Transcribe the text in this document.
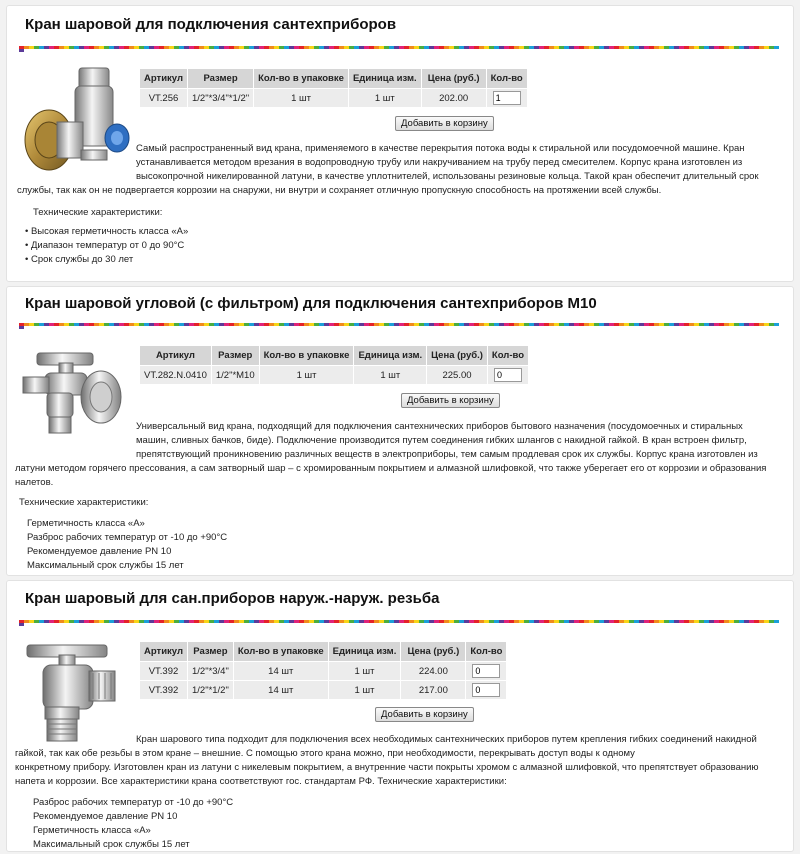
Кран шаровой для подключения сантехприборов
Артикул	Размер	Кол-во в упаковке	Единица изм.	Цена (руб.)	Кол-во
VT.256	1/2"*3/4"*1/2"	1 шт	1 шт	202.00	1
Добавить в корзину
Самый распространенный вид крана, применяемого в качестве перекрытия потока воды к стиральной или посудомоечной машине. Кран
устанавливается методом врезания в водопроводную трубу или накручиванием на трубу перед смесителем. Корпус крана изготовлен из
высокопрочной никелированной латуни, в качестве уплотнителей, использованы резиновые кольца. Такой кран обеспечит длительный срок
службы, так как он не подвергается коррозии на снаружи, ни внутри и сохраняет отличную пропускную способность на протяжении всей службы.
Технические характеристики:
• Высокая герметичность класса «А»
• Диапазон температур от 0 до 90°С
• Срок службы до 30 лет
Кран шаровой угловой (с фильтром) для подключения сантехприборов М10
Артикул	Размер	Кол-во в упаковке	Единица изм.	Цена (руб.)	Кол-во
VT.282.N.0410	1/2"*М10	1 шт	1 шт	225.00	0
Добавить в корзину
Универсальный вид крана, подходящий для подключения сантехнических приборов бытового назначения (посудомоечных и стиральных
машин, сливных бачков, биде). Подключение производится путем соединения гибких шлангов с накидной гайкой. В кран встроен фильтр,
препятствующий проникновению различных веществ в электроприборы, тем самым продлевая срок их службы. Корпус крана изготовлен из
латуни методом горячего прессования, а сам затворный шар – с хромированным покрытием и алмазной шлифовкой, что также уберегает его от коррозии и образования
налетов.
Технические характеристики:
Герметичность класса «А»
Разброс рабочих температур от -10 до +90°С
Рекомендуемое давление PN 10
Максимальный срок службы 15 лет
Кран шаровый для сан.приборов наруж.-наруж. резьба
Артикул	Размер	Кол-во в упаковке	Единица изм.	Цена (руб.)	Кол-во
VT.392	1/2"*3/4"	14 шт	1 шт	224.00	0
VT.392	1/2"*1/2"	14 шт	1 шт	217.00	0
Добавить в корзину
Кран шарового типа подходит для подключения всех необходимых сантехнических приборов путем крепления гибких соединений накидной
гайкой, так как обе резьбы в этом кране – внешние. С помощью этого крана можно, при необходимости, перекрывать доступ воды к одному
конкретному прибору. Изготовлен кран из латуни с никелевым покрытием, а внутренние части покрыты хромом с алмазной шлифовкой, что препятствует образованию
напета и коррозии. Все характеристики крана соответствуют гос. стандартам РФ. Технические характеристики:
Разброс рабочих температур от -10 до +90°С
Рекомендуемое давление PN 10
Герметичность класса «А»
Максимальный срок службы 15 лет
